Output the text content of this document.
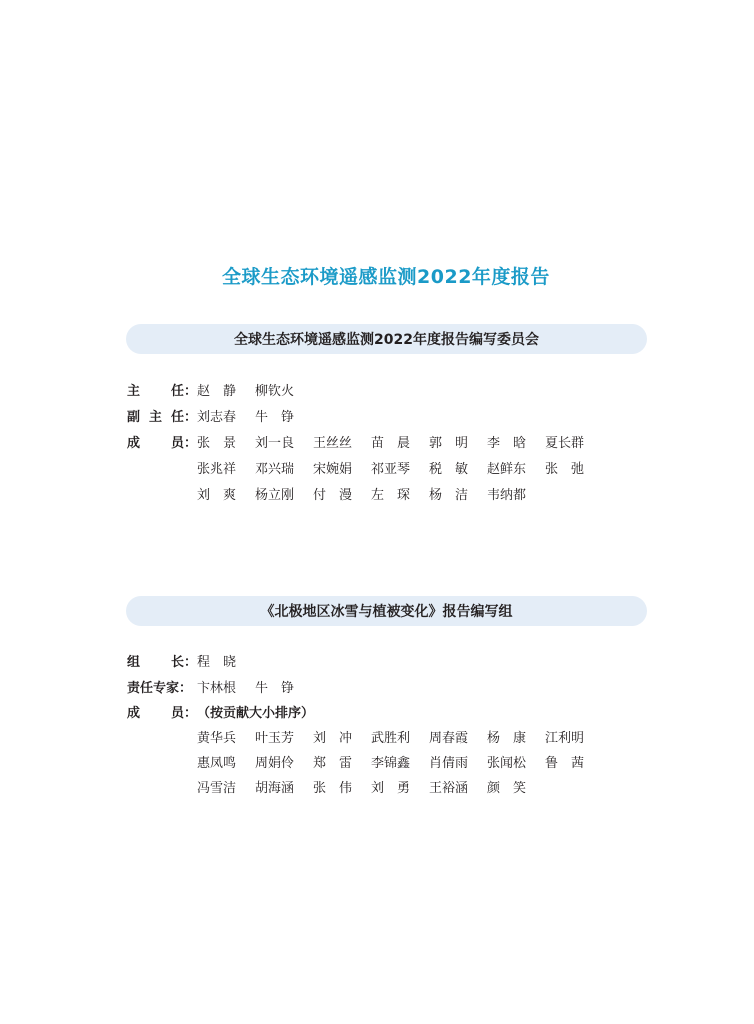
全球生态环境遥感监测2022年度报告
全球生态环境遥感监测2022年度报告编写委员会
主 任： 赵　静	柳钦火
副 主 任： 刘志春	牛　铮
成 员： 张　景	刘一良	王丝丝	苗　晨	郭　明	李　晗	夏长群
张兆祥	邓兴瑞	宋婉娟	祁亚琴	税　敏	赵鲜东	张　弛
刘　爽	杨立刚	付　漫	左　琛	杨　洁	韦纳都
《北极地区冰雪与植被变化》报告编写组
组 长： 程　晓
责任专家： 卞林根	牛　铮
成 员： （按贡献大小排序）
黄华兵	叶玉芳	刘　冲	武胜利	周春霞	杨　康	江利明
惠凤鸣	周娟伶	郑　雷	李锦鑫	肖倩雨	张闻松	鲁　茜
冯雪洁	胡海涵	张　伟	刘　勇	王裕涵	颜　笑
